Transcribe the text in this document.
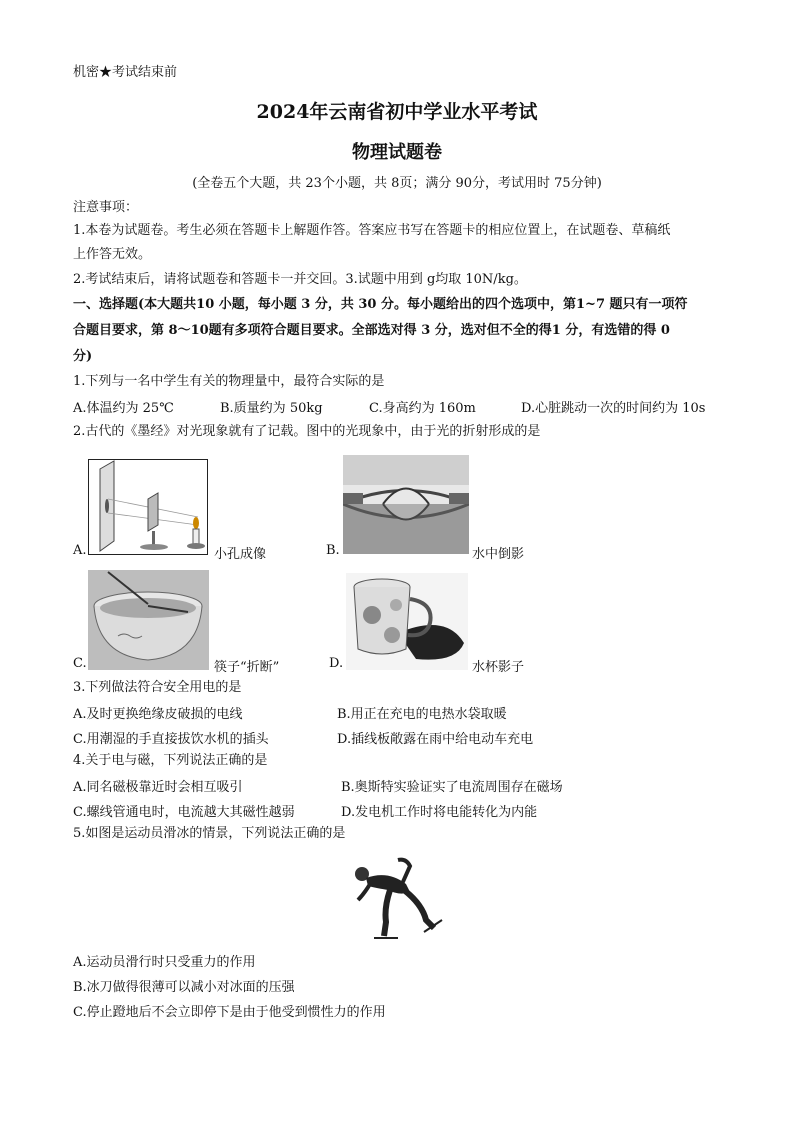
机密★考试结束前
2024年云南省初中学业水平考试
物理试题卷
(全卷五个大题，共 23个小题，共 8页；满分 90分，考试用时 75分钟)
注意事项：
1.本卷为试题卷。考生必须在答题卡上解题作答。答案应书写在答题卡的相应位置上，在试题卷、草稿纸
上作答无效。
2.考试结束后，请将试题卷和答题卡一并交回。3.试题中用到 g均取 10N/kg。
一、选择题(本大题共10 小题，每小题 3 分，共 30 分。每小题给出的四个选项中，第1~7 题只有一项符
合题目要求，第 8～10题有多项符合题目要求。全部选对得 3 分，选对但不全的得1 分，有选错的得 0
分)
1.下列与一名中学生有关的物理量中，最符合实际的是
A.体温约为 25℃	B.质量约为 50kg	C.身高约为 160m	D.心脏跳动一次的时间约为 10s
2.古代的《墨经》对光现象就有了记载。图中的光现象中，由于光的折射形成的是
A.	小孔成像	B.	水中倒影
C.	筷子“折断”	D.	水杯影子
3.下列做法符合安全用电的是
A.及时更换绝缘皮破损的电线	B.用正在充电的电热水袋取暖
C.用潮湿的手直接拔饮水机的插头	D.插线板敞露在雨中给电动车充电
4.关于电与磁，下列说法正确的是
A.同名磁极靠近时会相互吸引	B.奥斯特实验证实了电流周围存在磁场
C.螺线管通电时，电流越大其磁性越弱	D.发电机工作时将电能转化为内能
5.如图是运动员滑冰的情景，下列说法正确的是
A.运动员滑行时只受重力的作用
B.冰刀做得很薄可以减小对冰面的压强
C.停止蹬地后不会立即停下是由于他受到惯性力的作用
